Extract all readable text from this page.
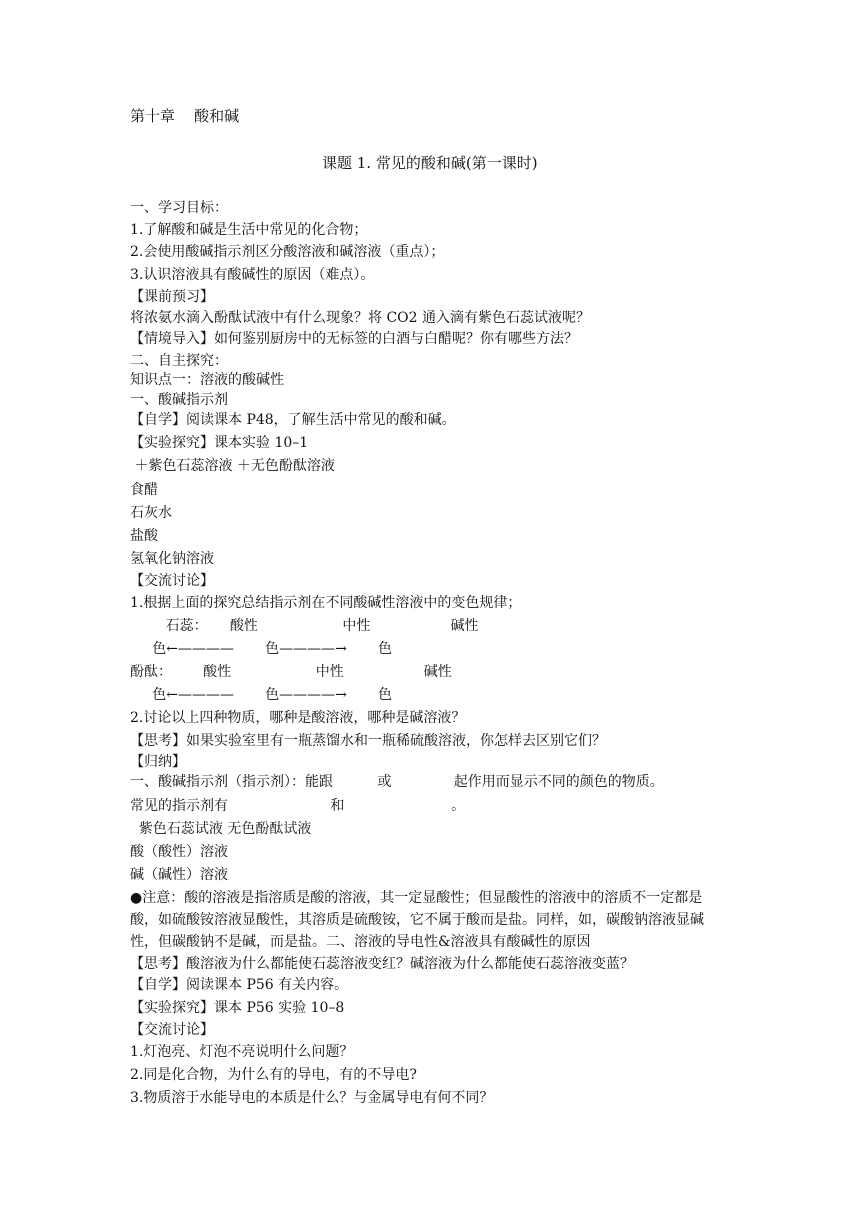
第十章    酸和碱
课题 1. 常见的酸和碱(第一课时)
一、学习目标：
1.了解酸和碱是生活中常见的化合物；
2.会使用酸碱指示剂区分酸溶液和碱溶液（重点）；
3.认识溶液具有酸碱性的原因（难点）。
【课前预习】
将浓氨水滴入酚酞试液中有什么现象？将 CO2 通入滴有紫色石蕊试液呢？
【情境导入】如何鉴别厨房中的无标签的白酒与白醋呢？你有哪些方法？
二、自主探究：
知识点一：溶液的酸碱性
一、酸碱指示剂
【自学】阅读课本 P48，了解生活中常见的酸和碱。
【实验探究】课本实验 10–1
＋紫色石蕊溶液 ＋无色酚酞溶液
食醋
石灰水
盐酸
氢氧化钠溶液
【交流讨论】
1.根据上面的探究总结指示剂在不同酸碱性溶液中的变色规律；
石蕊：     酸性                   中性                  碱性
色←————       色————→       色
酚酞：       酸性                   中性                  碱性
色←————       色————→       色
2.讨论以上四种物质，哪种是酸溶液，哪种是碱溶液？
【思考】如果实验室里有一瓶蒸馏水和一瓶稀硫酸溶液，你怎样去区别它们？
【归纳】
一、酸碱指示剂（指示剂）：能跟          或              起作用而显示不同的颜色的物质。
常见的指示剂有                       和                        。
紫色石蕊试液 无色酚酞试液
酸（酸性）溶液
碱（碱性）溶液
●注意：酸的溶液是指溶质是酸的溶液，其一定显酸性；但显酸性的溶液中的溶质不一定都是酸，如硫酸铵溶液显酸性，其溶质是硫酸铵，它不属于酸而是盐。同样，如，碳酸钠溶液显碱性，但碳酸钠不是碱，而是盐。二、溶液的导电性&溶液具有酸碱性的原因
【思考】酸溶液为什么都能使石蕊溶液变红？碱溶液为什么都能使石蕊溶液变蓝？
【自学】阅读课本 P56 有关内容。
【实验探究】课本 P56 实验 10–8
【交流讨论】
1.灯泡亮、灯泡不亮说明什么问题？
2.同是化合物，为什么有的导电，有的不导电?
3.物质溶于水能导电的本质是什么？与金属导电有何不同？
